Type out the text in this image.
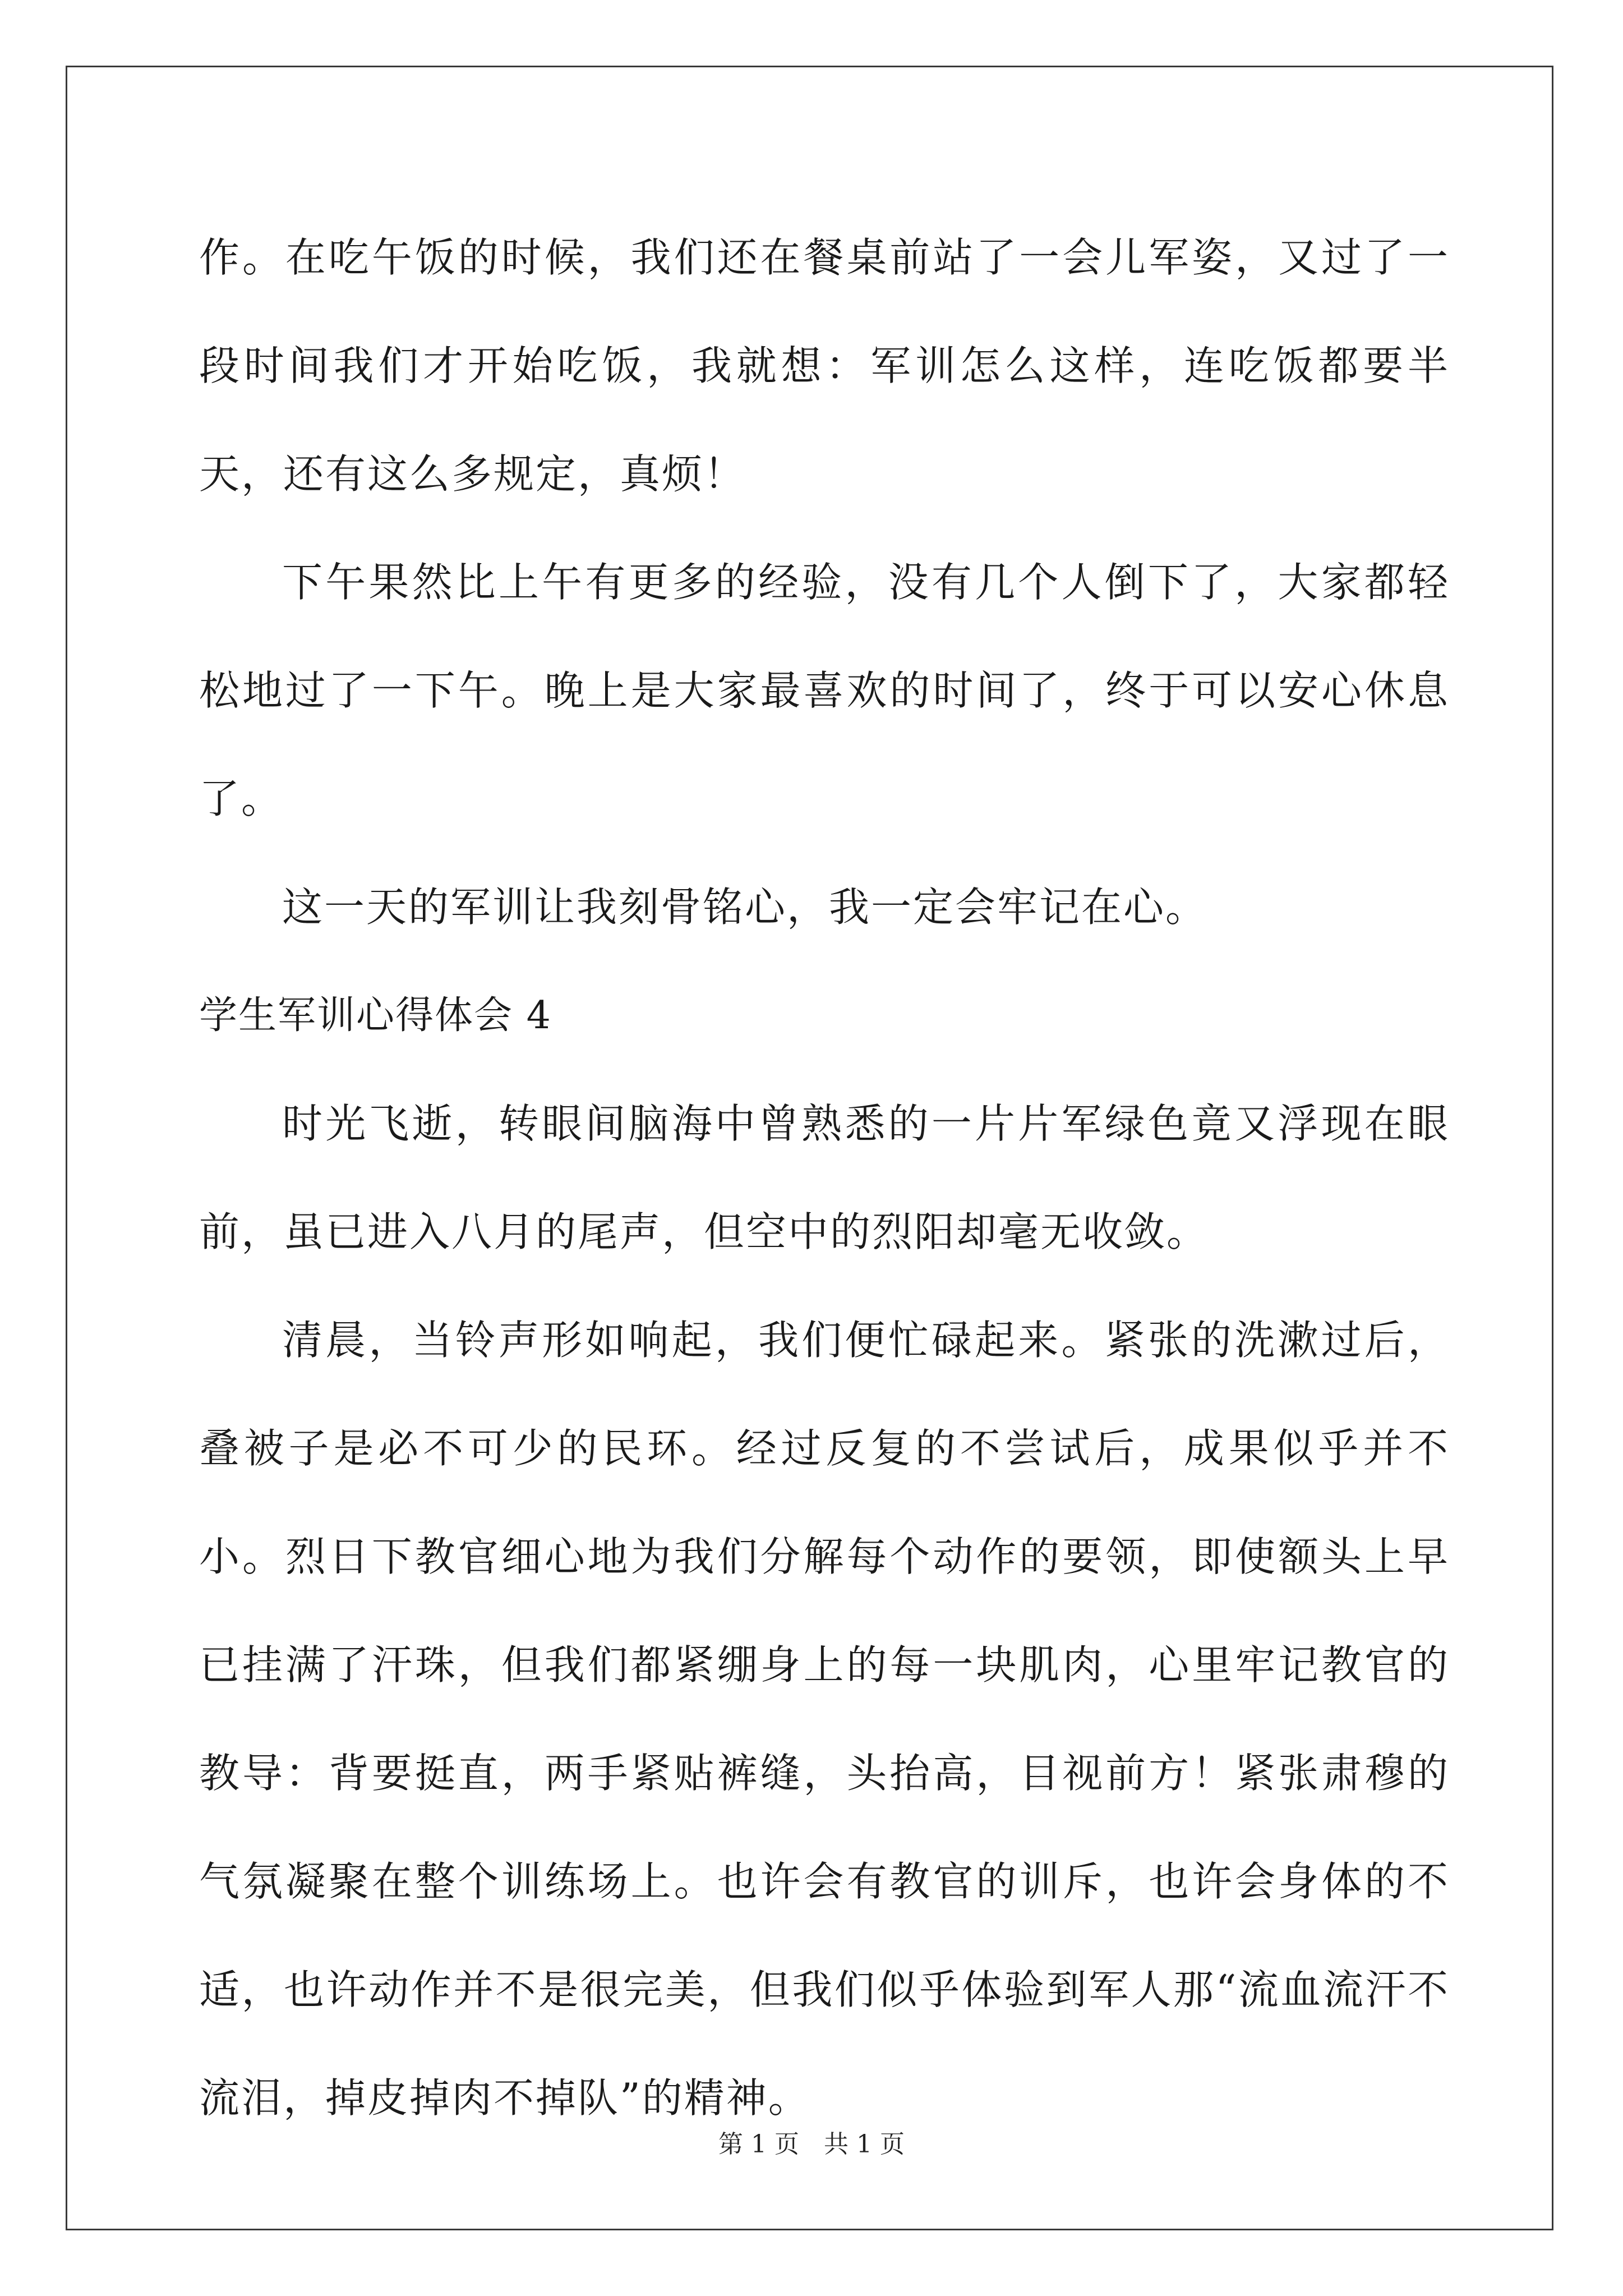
作。在吃午饭的时候，我们还在餐桌前站了一会儿军姿，又过了一段时间我们才开始吃饭，我就想：军训怎么这样，连吃饭都要半天，还有这么多规定，真烦！

下午果然比上午有更多的经验，没有几个人倒下了，大家都轻松地过了一下午。晚上是大家最喜欢的时间了，终于可以安心休息了。

这一天的军训让我刻骨铭心，我一定会牢记在心。

学生军训心得体会 4

时光飞逝，转眼间脑海中曾熟悉的一片片军绿色竟又浮现在眼前，虽已进入八月的尾声，但空中的烈阳却毫无收敛。

清晨，当铃声形如响起，我们便忙碌起来。紧张的洗漱过后，叠被子是必不可少的民环。经过反复的不尝试后，成果似乎并不小。烈日下教官细心地为我们分解每个动作的要领，即使额头上早已挂满了汗珠，但我们都紧绷身上的每一块肌肉，心里牢记教官的教导：背要挺直，两手紧贴裤缝，头抬高，目视前方！紧张肃穆的气氛凝聚在整个训练场上。也许会有教官的训斥，也许会身体的不适，也许动作并不是很完美，但我们似乎体验到军人那“流血流汗不流泪，掉皮掉肉不掉队”的精神。

第 1 页　共 1 页
